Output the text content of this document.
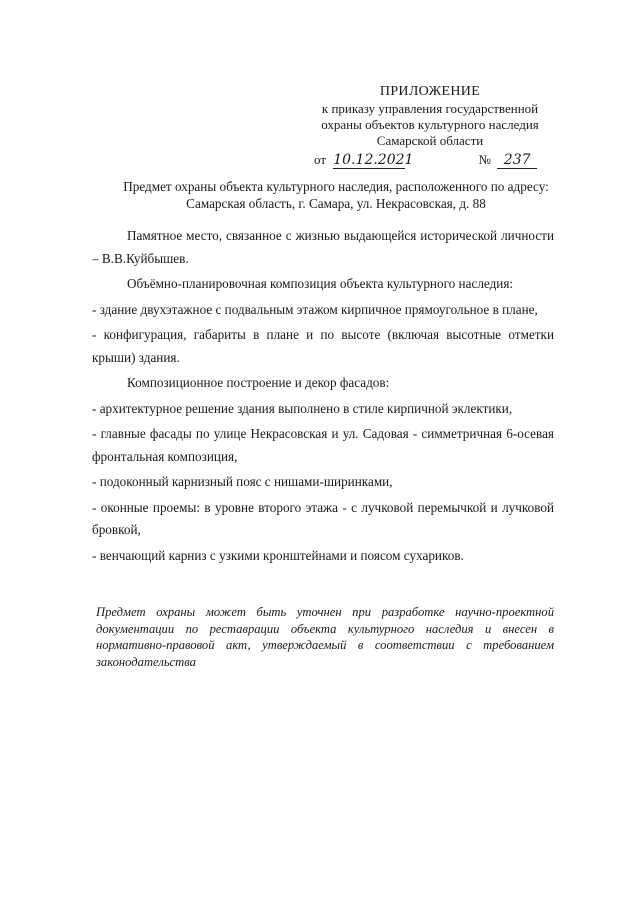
ПРИЛОЖЕНИЕ
к приказу управления государственной
охраны объектов культурного наследия
Самарской области
от 10.12.2021	№ 237
Предмет охраны объекта культурного наследия, расположенного по адресу:
Самарская область, г. Самара, ул. Некрасовская, д. 88

Памятное место, связанное с жизнью выдающейся исторической личности – В.В.Куйбышев.

Объёмно-планировочная композиция объекта культурного наследия:

- здание двухэтажное с подвальным этажом кирпичное прямоугольное в плане,

- конфигурация, габариты в плане и по высоте (включая высотные отметки крыши) здания.

Композиционное построение и декор фасадов:

- архитектурное решение здания выполнено в стиле кирпичной эклектики,

- главные фасады по улице Некрасовская и ул. Садовая - симметричная 6-осевая фронтальная композиция,

- подоконный карнизный пояс с нишами-ширинками,

- оконные проемы: в уровне второго этажа - с лучковой перемычкой и лучковой бровкой,

- венчающий карниз с узкими кронштейнами и поясом сухариков.

Предмет охраны может быть уточнен при разработке научно-проектной документации по реставрации объекта культурного наследия и внесен в нормативно-правовой акт, утверждаемый в соответствии с требованием законодательства
